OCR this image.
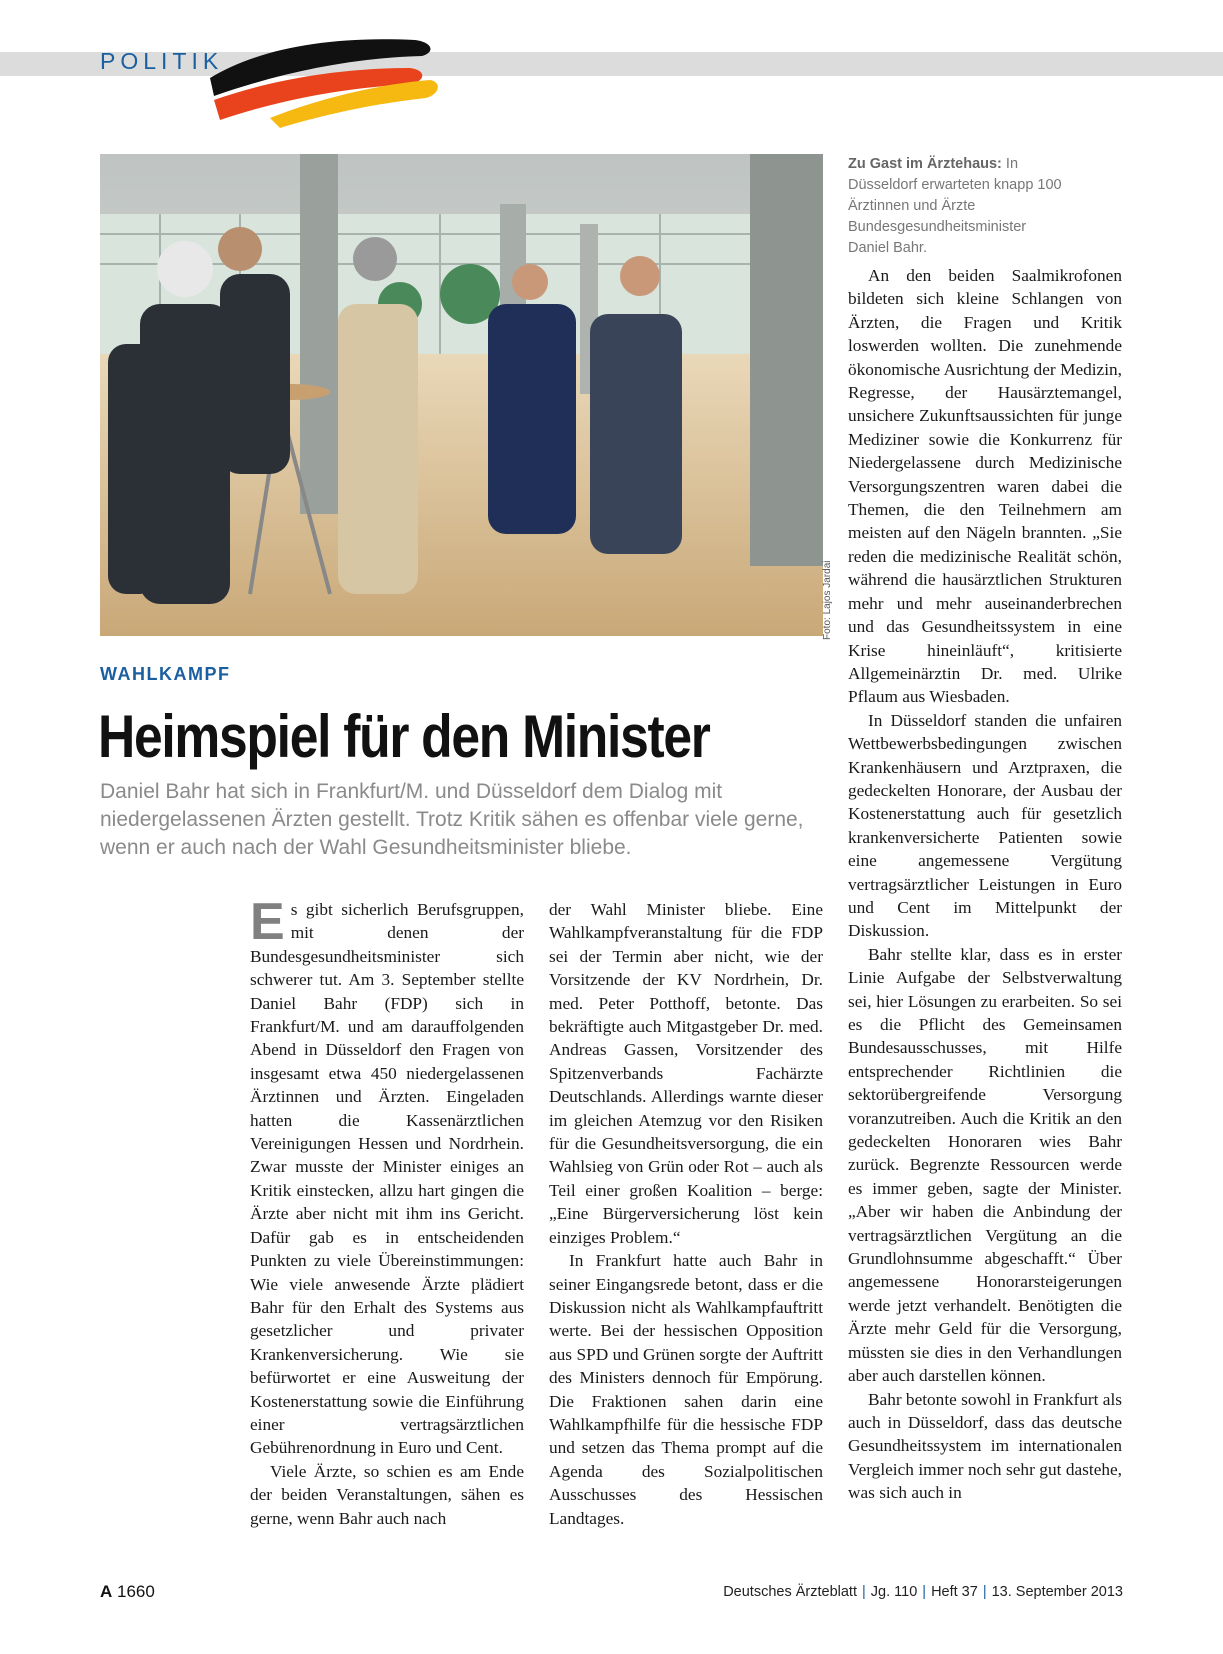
POLITIK
Foto: Lajos Jardai
Zu Gast im Ärztehaus: In Düsseldorf erwarteten knapp 100 Ärztinnen und Ärzte Bundesgesundheitsminister Daniel Bahr.
WAHLKAMPF
Heimspiel für den Minister
Daniel Bahr hat sich in Frankfurt/M. und Düsseldorf dem Dialog mit niedergelassenen Ärzten gestellt. Trotz Kritik sähen es offenbar viele gerne, wenn er auch nach der Wahl Gesundheitsminister bliebe.

Es gibt sicherlich Berufsgruppen, mit denen der Bundesgesundheitsminister sich schwerer tut. Am 3. September stellte Daniel Bahr (FDP) sich in Frankfurt/M. und am darauffolgenden Abend in Düsseldorf den Fragen von insgesamt etwa 450 niedergelassenen Ärztinnen und Ärzten. Eingeladen hatten die Kassenärztlichen Vereinigungen Hessen und Nordrhein. Zwar musste der Minister einiges an Kritik einstecken, allzu hart gingen die Ärzte aber nicht mit ihm ins Gericht. Dafür gab es in entscheidenden Punkten zu viele Übereinstimmungen: Wie viele anwesende Ärzte plädiert Bahr für den Erhalt des Systems aus gesetzlicher und privater Krankenversicherung. Wie sie befürwortet er eine Ausweitung der Kostenerstattung sowie die Einführung einer vertragsärztlichen Gebührenordnung in Euro und Cent.

Viele Ärzte, so schien es am Ende der beiden Veranstaltungen, sähen es gerne, wenn Bahr auch nach

der Wahl Minister bliebe. Eine Wahlkampfveranstaltung für die FDP sei der Termin aber nicht, wie der Vorsitzende der KV Nordrhein, Dr. med. Peter Potthoff, betonte. Das bekräftigte auch Mitgastgeber Dr. med. Andreas Gassen, Vorsitzender des Spitzenverbands Fachärzte Deutschlands. Allerdings warnte dieser im gleichen Atemzug vor den Risiken für die Gesundheitsversorgung, die ein Wahlsieg von Grün oder Rot – auch als Teil einer großen Koalition – berge: „Eine Bürgerversicherung löst kein einziges Problem.“

In Frankfurt hatte auch Bahr in seiner Eingangsrede betont, dass er die Diskussion nicht als Wahlkampfauftritt werte. Bei der hessischen Opposition aus SPD und Grünen sorgte der Auftritt des Ministers dennoch für Empörung. Die Fraktionen sahen darin eine Wahlkampfhilfe für die hessische FDP und setzen das Thema prompt auf die Agenda des Sozialpolitischen Ausschusses des Hessischen Landtages.

An den beiden Saalmikrofonen bildeten sich kleine Schlangen von Ärzten, die Fragen und Kritik loswerden wollten. Die zunehmende ökonomische Ausrichtung der Medizin, Regresse, der Hausärztemangel, unsichere Zukunftsaussichten für junge Mediziner sowie die Konkurrenz für Niedergelassene durch Medizinische Versorgungszentren waren dabei die Themen, die den Teilnehmern am meisten auf den Nägeln brannten. „Sie reden die medizinische Realität schön, während die hausärztlichen Strukturen mehr und mehr auseinanderbrechen und das Gesundheitssystem in eine Krise hineinläuft“, kritisierte Allgemeinärztin Dr. med. Ulrike Pflaum aus Wiesbaden.

In Düsseldorf standen die unfairen Wettbewerbsbedingungen zwischen Krankenhäusern und Arztpraxen, die gedeckelten Honorare, der Ausbau der Kostenerstattung auch für gesetzlich krankenversicherte Patienten sowie eine angemessene Vergütung vertragsärztlicher Leistungen in Euro und Cent im Mittelpunkt der Diskussion.

Bahr stellte klar, dass es in erster Linie Aufgabe der Selbstverwaltung sei, hier Lösungen zu erarbeiten. So sei es die Pflicht des Gemeinsamen Bundesausschusses, mit Hilfe entsprechender Richtlinien die sektorübergreifende Versorgung voranzutreiben. Auch die Kritik an den gedeckelten Honoraren wies Bahr zurück. Begrenzte Ressourcen werde es immer geben, sagte der Minister. „Aber wir haben die Anbindung der vertragsärztlichen Vergütung an die Grundlohnsumme abgeschafft.“ Über angemessene Honorarsteigerungen werde jetzt verhandelt. Benötigten die Ärzte mehr Geld für die Versorgung, müssten sie dies in den Verhandlungen aber auch darstellen können.

Bahr betonte sowohl in Frankfurt als auch in Düsseldorf, dass das deutsche Gesundheitssystem im internationalen Vergleich immer noch sehr gut dastehe, was sich auch in

A 1660	Deutsches Ärzteblatt | Jg. 110 | Heft 37 | 13. September 2013
